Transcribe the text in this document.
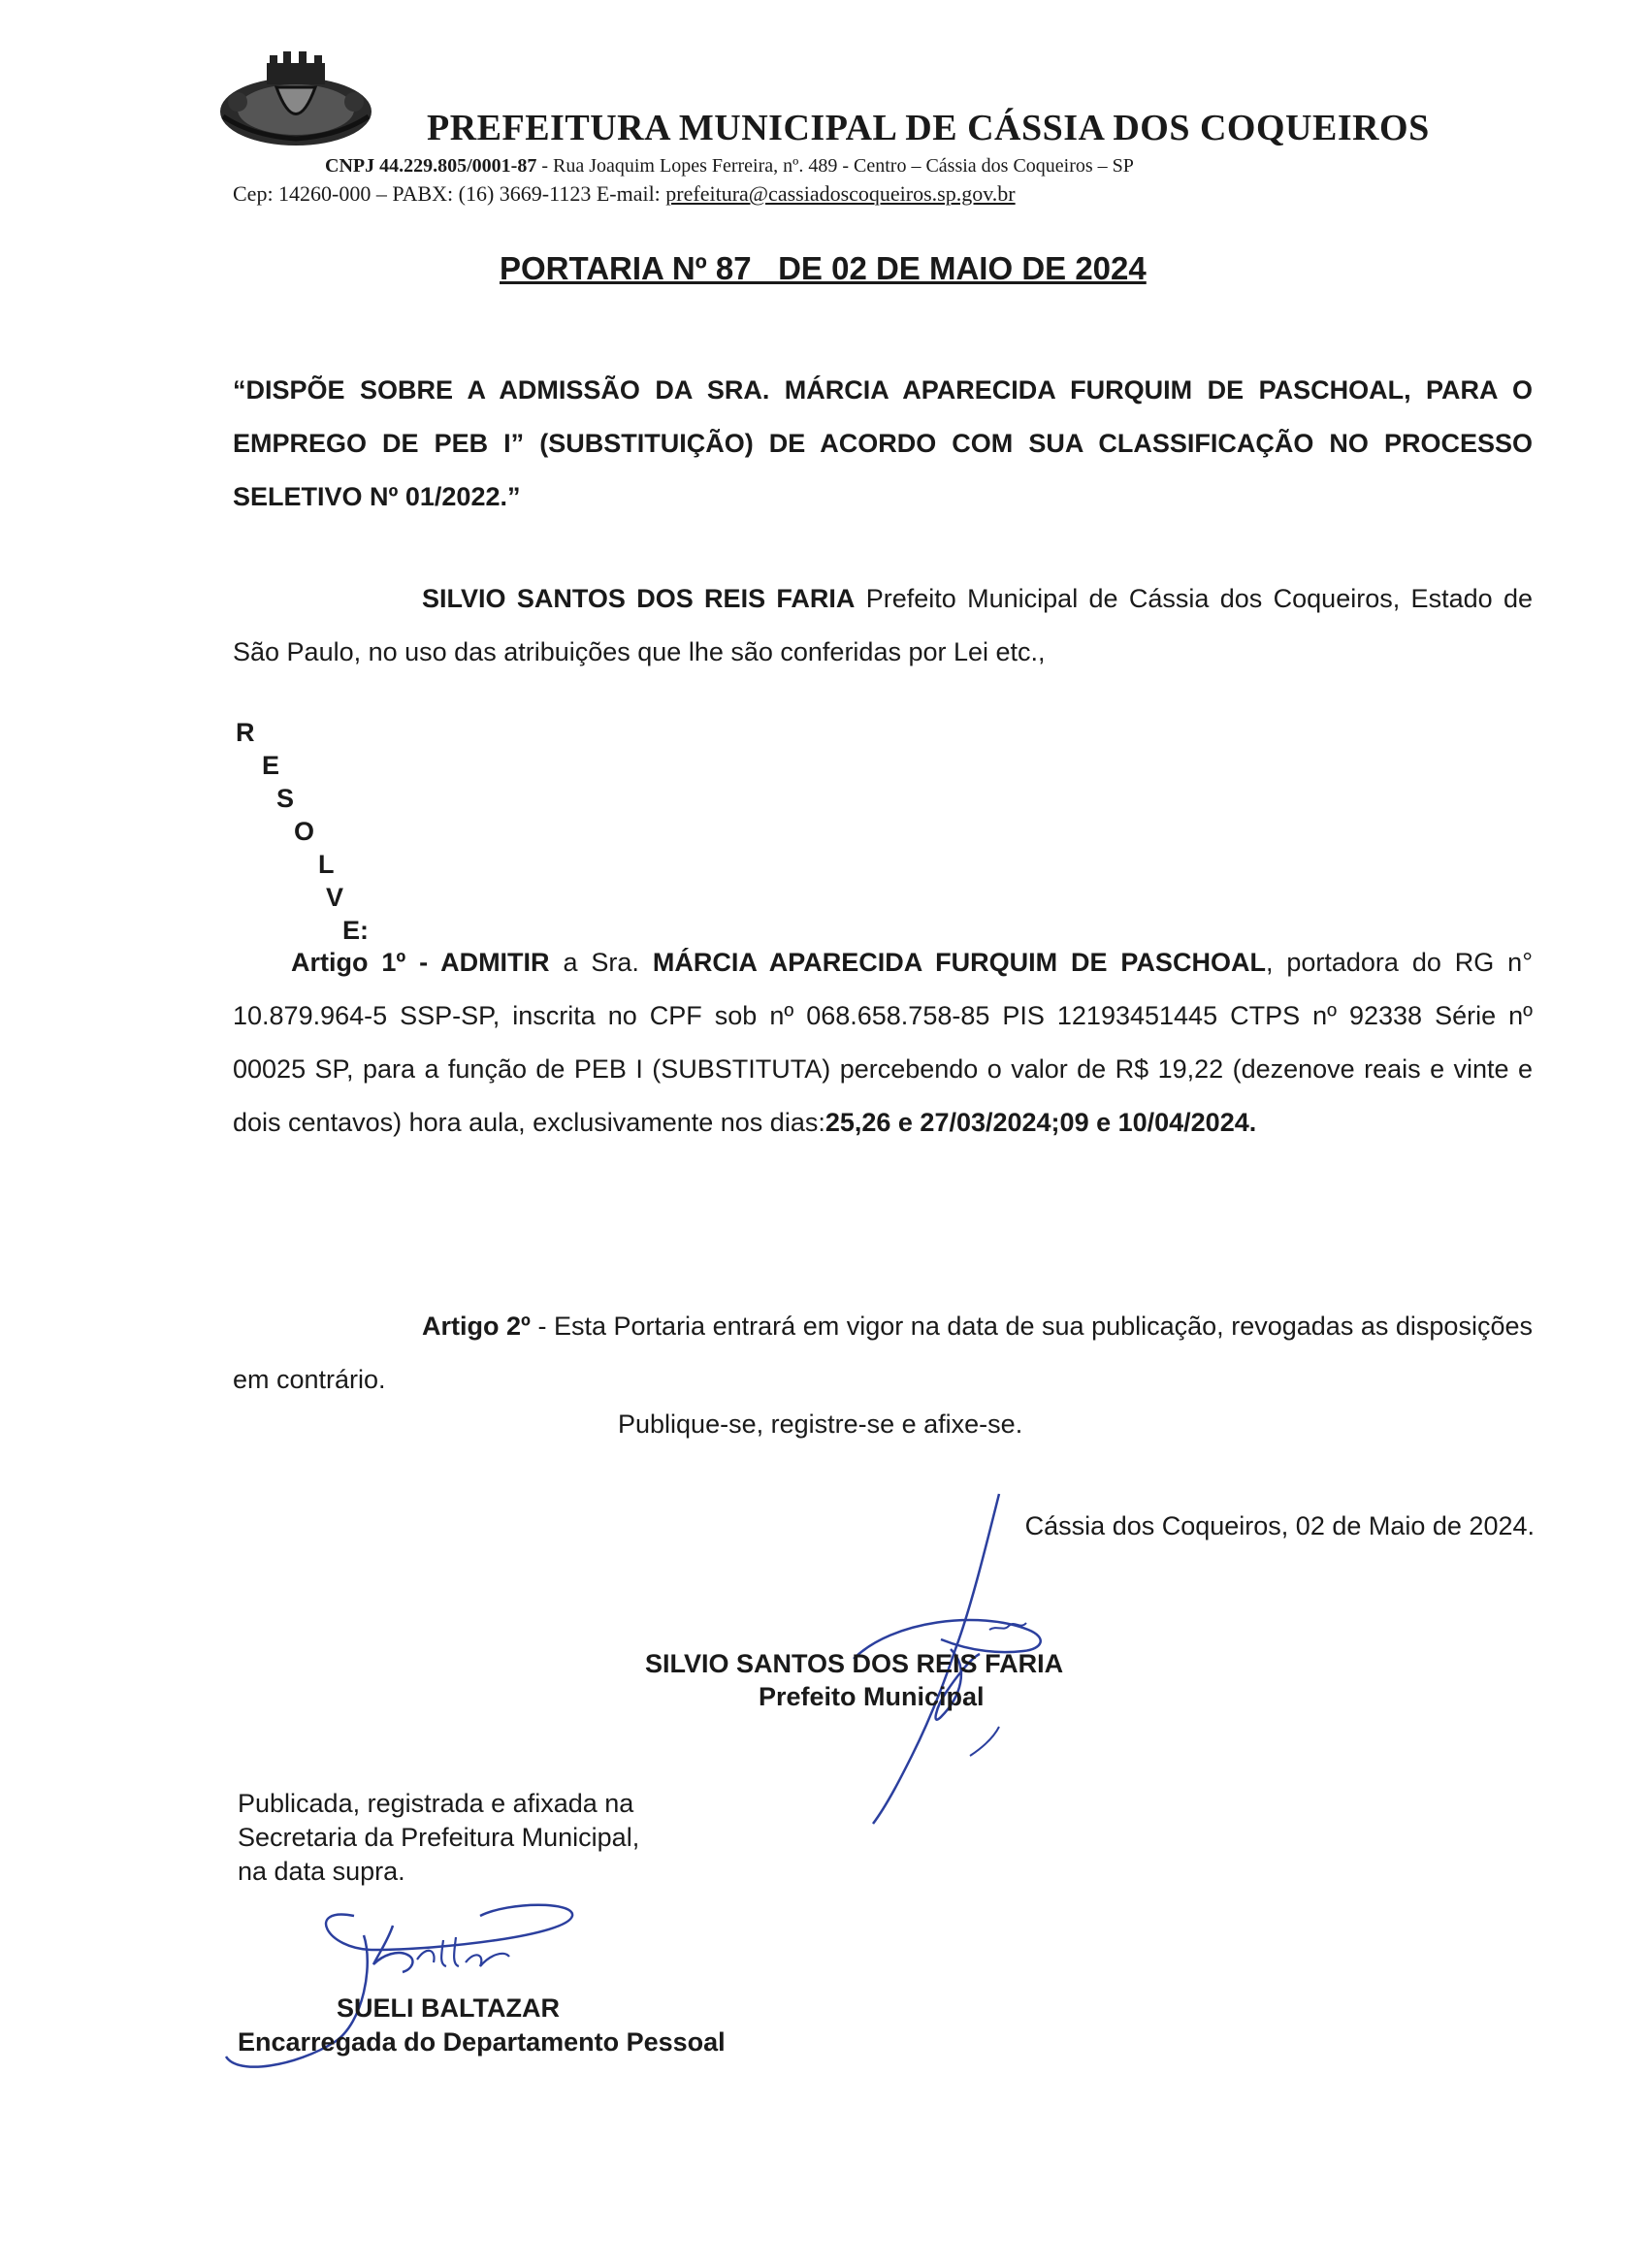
PREFEITURA MUNICIPAL DE CÁSSIA DOS COQUEIROS
CNPJ 44.229.805/0001-87 - Rua Joaquim Lopes Ferreira, nº. 489 - Centro – Cássia dos Coqueiros – SP
Cep: 14260-000 – PABX: (16) 3669-1123 E-mail: prefeitura@cassiadoscoqueiros.sp.gov.br
PORTARIA Nº 87   DE 02 DE MAIO DE 2024
“DISPÕE SOBRE A ADMISSÃO DA SRA. MÁRCIA APARECIDA FURQUIM DE PASCHOAL, PARA O EMPREGO DE PEB I” (SUBSTITUIÇÃO) DE ACORDO COM SUA CLASSIFICAÇÃO NO PROCESSO SELETIVO Nº 01/2022.”
SILVIO SANTOS DOS REIS FARIA Prefeito Municipal de Cássia dos Coqueiros, Estado de São Paulo, no uso das atribuições que lhe são conferidas por Lei etc.,
R
E
S
O
L
V
E:
Artigo 1º - ADMITIR a Sra. MÁRCIA APARECIDA FURQUIM DE PASCHOAL, portadora do RG n° 10.879.964-5 SSP-SP, inscrita no CPF sob nº 068.658.758-85 PIS 12193451445 CTPS nº 92338 Série nº 00025 SP, para a função de PEB I (SUBSTITUTA) percebendo o valor de R$ 19,22 (dezenove reais e vinte e dois centavos) hora aula, exclusivamente nos dias:25,26 e 27/03/2024;09 e 10/04/2024.
Artigo 2º - Esta Portaria entrará em vigor na data de sua publicação, revogadas as disposições em contrário.
Publique-se, registre-se e afixe-se.
Cássia dos Coqueiros, 02 de Maio de 2024.
SILVIO SANTOS DOS REIS FARIA
Prefeito Municipal
Publicada, registrada e afixada na
Secretaria da Prefeitura Municipal,
na data supra.
SUELI BALTAZAR
Encarregada do Departamento Pessoal
